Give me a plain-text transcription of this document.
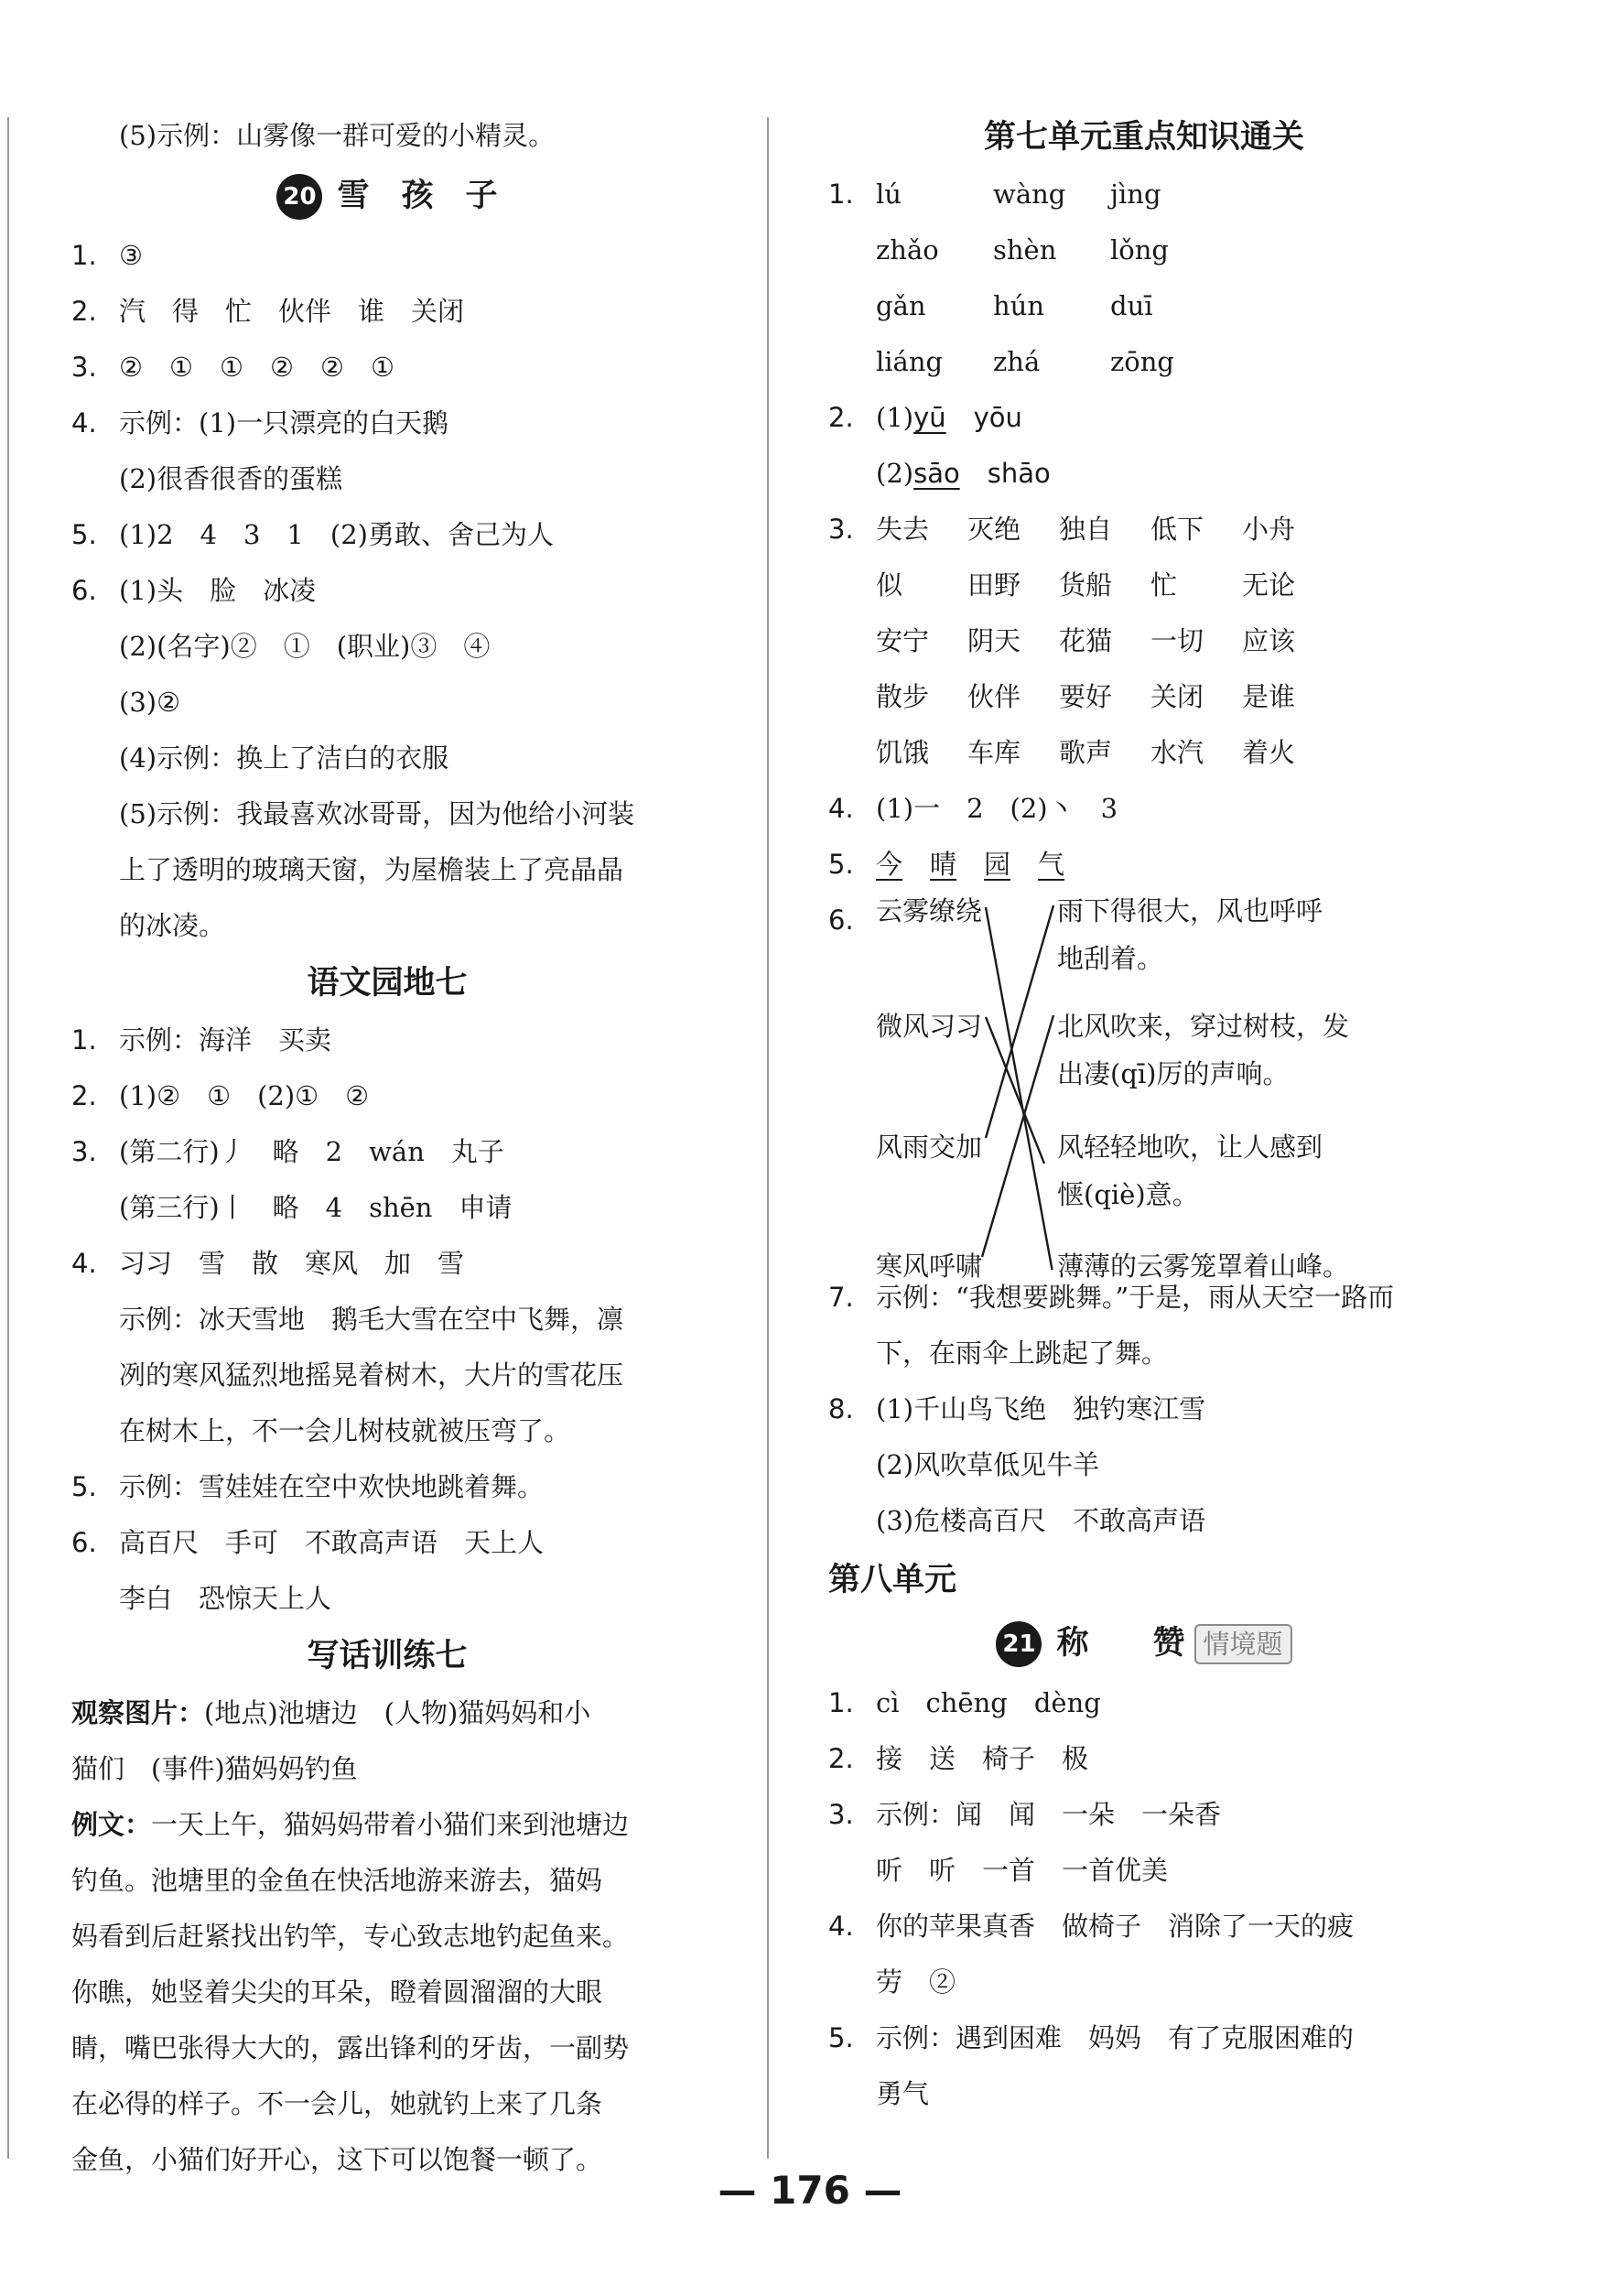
(5)示例：山雾像一群可爱的小精灵。
20 雪　孩　子
1. ③
2. 汽　得　忙　伙伴　谁　关闭
3. ②　①　①　②　②　①
4. 示例：(1)一只漂亮的白天鹅
(2)很香很香的蛋糕
5. (1)2　4　3　1　(2)勇敢、舍己为人
6. (1)头　脸　冰凌
(2)(名字)②　①　(职业)③　④
(3)②
(4)示例：换上了洁白的衣服
(5)示例：我最喜欢冰哥哥，因为他给小河装
上了透明的玻璃天窗，为屋檐装上了亮晶晶
的冰凌。
语文园地七
1. 示例：海洋　买卖
2. (1)②　①　(2)①　②
3. (第二行)丿　略　2　wán　丸子
(第三行)丨　略　4　shēn　申请
4. 习习　雪　散　寒风　加　雪
示例：冰天雪地　鹅毛大雪在空中飞舞，凛
冽的寒风猛烈地摇晃着树木，大片的雪花压
在树木上，不一会儿树枝就被压弯了。
5. 示例：雪娃娃在空中欢快地跳着舞。
6. 高百尺　手可　不敢高声语　天上人
李白　恐惊天上人
写话训练七
观察图片：(地点)池塘边　(人物)猫妈妈和小
猫们　(事件)猫妈妈钓鱼
例文：一天上午，猫妈妈带着小猫们来到池塘边
钓鱼。池塘里的金鱼在快活地游来游去，猫妈
妈看到后赶紧找出钓竿，专心致志地钓起鱼来。
你瞧，她竖着尖尖的耳朵，瞪着圆溜溜的大眼
睛，嘴巴张得大大的，露出锋利的牙齿，一副势
在必得的样子。不一会儿，她就钓上来了几条
金鱼，小猫们好开心，这下可以饱餐一顿了。
第七单元重点知识通关
1. lú	wàng jìng
zhǎo shèn lǒng
gǎn	hún duī
liáng zhá	zōng
2. (1)yū yōu
(2)sāo shāo
3. 失去 灭绝 独自 低下 小舟
似 田野 货船 忙 无论
安宁 阴天 花猫 一切 应该
散步 伙伴 要好 关闭 是谁
饥饿 车库 歌声 水汽 着火
4. (1)一　2　(2)丶　3
5. 今 晴 园 气
6. 云雾缭绕
微风习习
风雨交加
寒风呼啸
雨下得很大，风也呼呼
地刮着。
北风吹来，穿过树枝，发
出凄(qī)厉的声响。
风轻轻地吹，让人感到
惬(qiè)意。
薄薄的云雾笼罩着山峰。
7. 示例：“我想要跳舞。”于是，雨从天空一路而
下，在雨伞上跳起了舞。
8. (1)千山鸟飞绝　独钓寒江雪
(2)风吹草低见牛羊
(3)危楼高百尺　不敢高声语
第八单元
21 称　　赞 情境题
1. cì　chēng　dèng
2. 接　送　椅子　极
3. 示例：闻　闻　一朵　一朵香
听　听　一首　一首优美
4. 你的苹果真香　做椅子　消除了一天的疲
劳　②
5. 示例：遇到困难　妈妈　有了克服困难的
勇气
— 176 —
